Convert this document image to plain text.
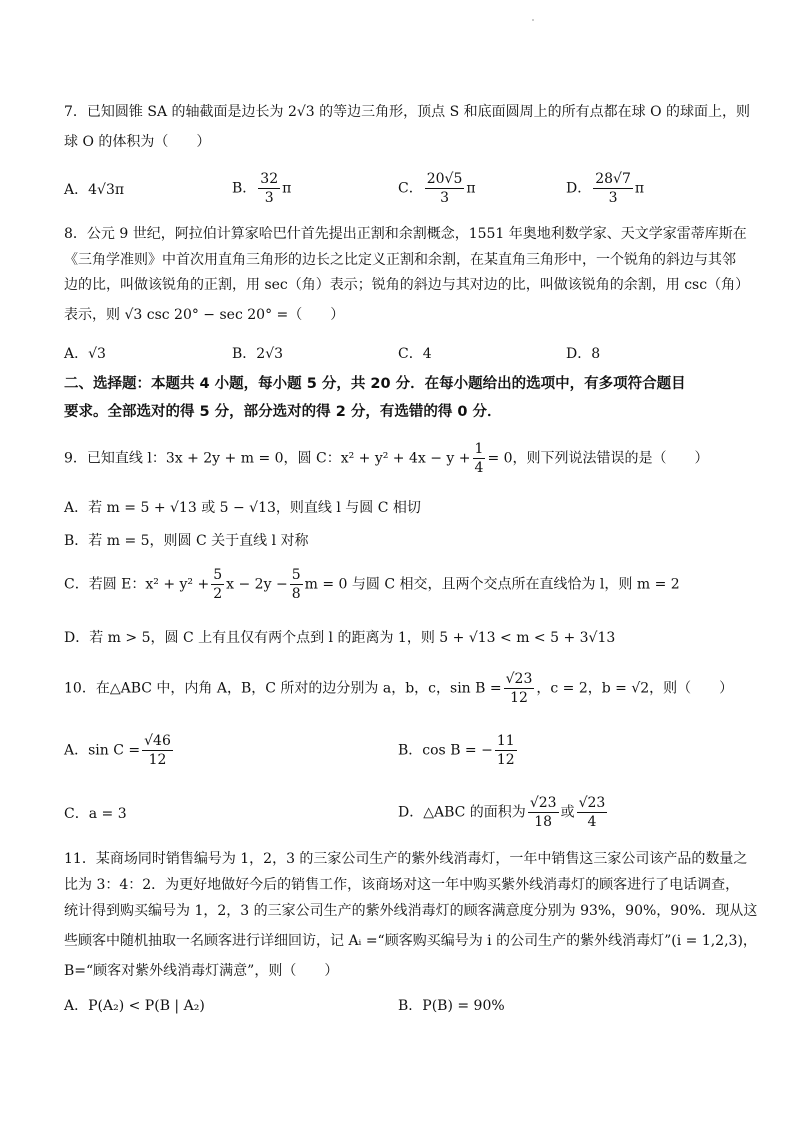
7．已知圆锥 SA 的轴截面是边长为 2√3 的等边三角形，顶点 S 和底面圆周上的所有点都在球 O 的球面上，则
球 O 的体积为（　　）
A．4√3π	B． $\frac{32}{3}$ π	C． $\frac{20√5}{3}$ π	D． $\frac{28√7}{3}$ π
8．公元 9 世纪，阿拉伯计算家哈巴什首先提出正割和余割概念，1551 年奥地利数学家、天文学家雷蒂库斯在
《三角学准则》中首次用直角三角形的边长之比定义正割和余割，在某直角三角形中，一个锐角的斜边与其邻
边的比，叫做该锐角的正割，用 sec（角）表示；锐角的斜边与其对边的比，叫做该锐角的余割，用 csc（角）
表示，则 √3 csc 20° − sec 20° =（　　）
A．√3	B．2√3	C．4	D．8
二、选择题：本题共 4 小题，每小题 5 分，共 20 分．在每小题给出的选项中，有多项符合题目
要求。全部选对的得 5 分，部分选对的得 2 分，有选错的得 0 分．
9．已知直线 l：3x + 2y + m = 0，圆 C：$x^2 + y^2 + 4x - y + \frac{1}{4} = 0$，则下列说法错误的是（　　）
A．若 m = 5 + √13 或 5 − √13，则直线 l 与圆 C 相切
B．若 m = 5，则圆 C 关于直线 l 对称
C．若圆 E：$x^2 + y^2 + \frac{5}{2}$ $x - 2y - \frac{5}{8}$ m = 0 与圆 C 相交，且两个交点所在直线恰为 l，则 m = 2
D．若 m > 5，圆 C 上有且仅有两个点到 l 的距离为 1，则 5 + √13 < m < 5 + 3√13
10．在△ABC 中，内角 A，B，C 所对的边分别为 a，b，c，$\sin B = \frac{√23}{12}$ ，c = 2，b = √2，则（　　）
A．$\sin C = \frac{√46}{12}$	B．cos B = − $\frac{11}{12}$
C．a = 3	D．△ABC 的面积为 $\frac{√23}{18}$ 或 $\frac{√23}{4}$
11．某商场同时销售编号为 1，2，3 的三家公司生产的紫外线消毒灯，一年中销售这三家公司该产品的数量之
比为 3：4：2．为更好地做好今后的销售工作，该商场对这一年中购买紫外线消毒灯的顾客进行了电话调查，
统计得到购买编号为 1，2，3 的三家公司生产的紫外线消毒灯的顾客满意度分别为 93%，90%，90%．现从这
些顾客中随机抽取一名顾客进行详细回访，记 Aᵢ =“顾客购买编号为 i 的公司生产的紫外线消毒灯”(i = 1,2,3)，
B=“顾客对紫外线消毒灯满意”，则（　　）
A．P(A₂) < P(B | A₂)	B．P(B) = 90%
